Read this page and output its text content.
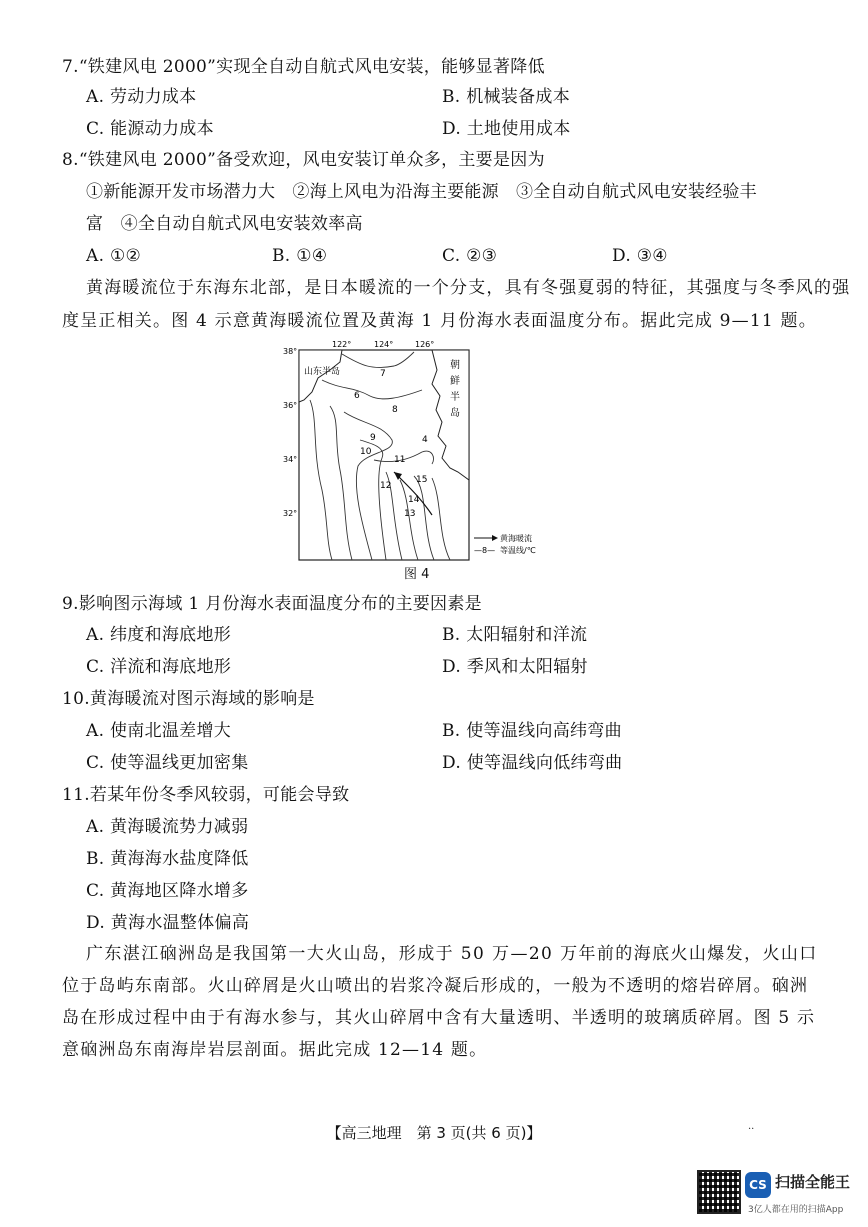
7.“铁建风电 2000”实现全自动自航式风电安装，能够显著降低
A. 劳动力成本	B. 机械装备成本
C. 能源动力成本	D. 土地使用成本
8.“铁建风电 2000”备受欢迎，风电安装订单众多，主要是因为
①新能源开发市场潜力大　②海上风电为沿海主要能源　③全自动自航式风电安装经验丰
富　④全自动自航式风电安装效率高
A. ①②	B. ①④	C. ②③	D. ③④
黄海暖流位于东海东北部，是日本暖流的一个分支，具有冬强夏弱的特征，其强度与冬季风的强
度呈正相关。图 4 示意黄海暖流位置及黄海 1 月份海水表面温度分布。据此完成 9—11 题。
122°	124°	126°
38°
36°
34°
32°
山东半岛
朝
鲜
半
岛
7
6
8
9
10
11
12
4
15
14
13
黄海暖流
—8— 等温线/℃
图 4
9.影响图示海域 1 月份海水表面温度分布的主要因素是
A. 纬度和海底地形	B. 太阳辐射和洋流
C. 洋流和海底地形	D. 季风和太阳辐射
10.黄海暖流对图示海域的影响是
A. 使南北温差增大	B. 使等温线向高纬弯曲
C. 使等温线更加密集	D. 使等温线向低纬弯曲
11.若某年份冬季风较弱，可能会导致
A. 黄海暖流势力减弱
B. 黄海海水盐度降低
C. 黄海地区降水增多
D. 黄海水温整体偏高
广东湛江硇洲岛是我国第一大火山岛，形成于 50 万—20 万年前的海底火山爆发，火山口
位于岛屿东南部。火山碎屑是火山喷出的岩浆冷凝后形成的，一般为不透明的熔岩碎屑。硇洲
岛在形成过程中由于有海水参与，其火山碎屑中含有大量透明、半透明的玻璃质碎屑。图 5 示
意硇洲岛东南海岸岩层剖面。据此完成 12—14 题。
【高三地理　第 3 页(共 6 页)】	··
CS 扫描全能王
3亿人都在用的扫描App
